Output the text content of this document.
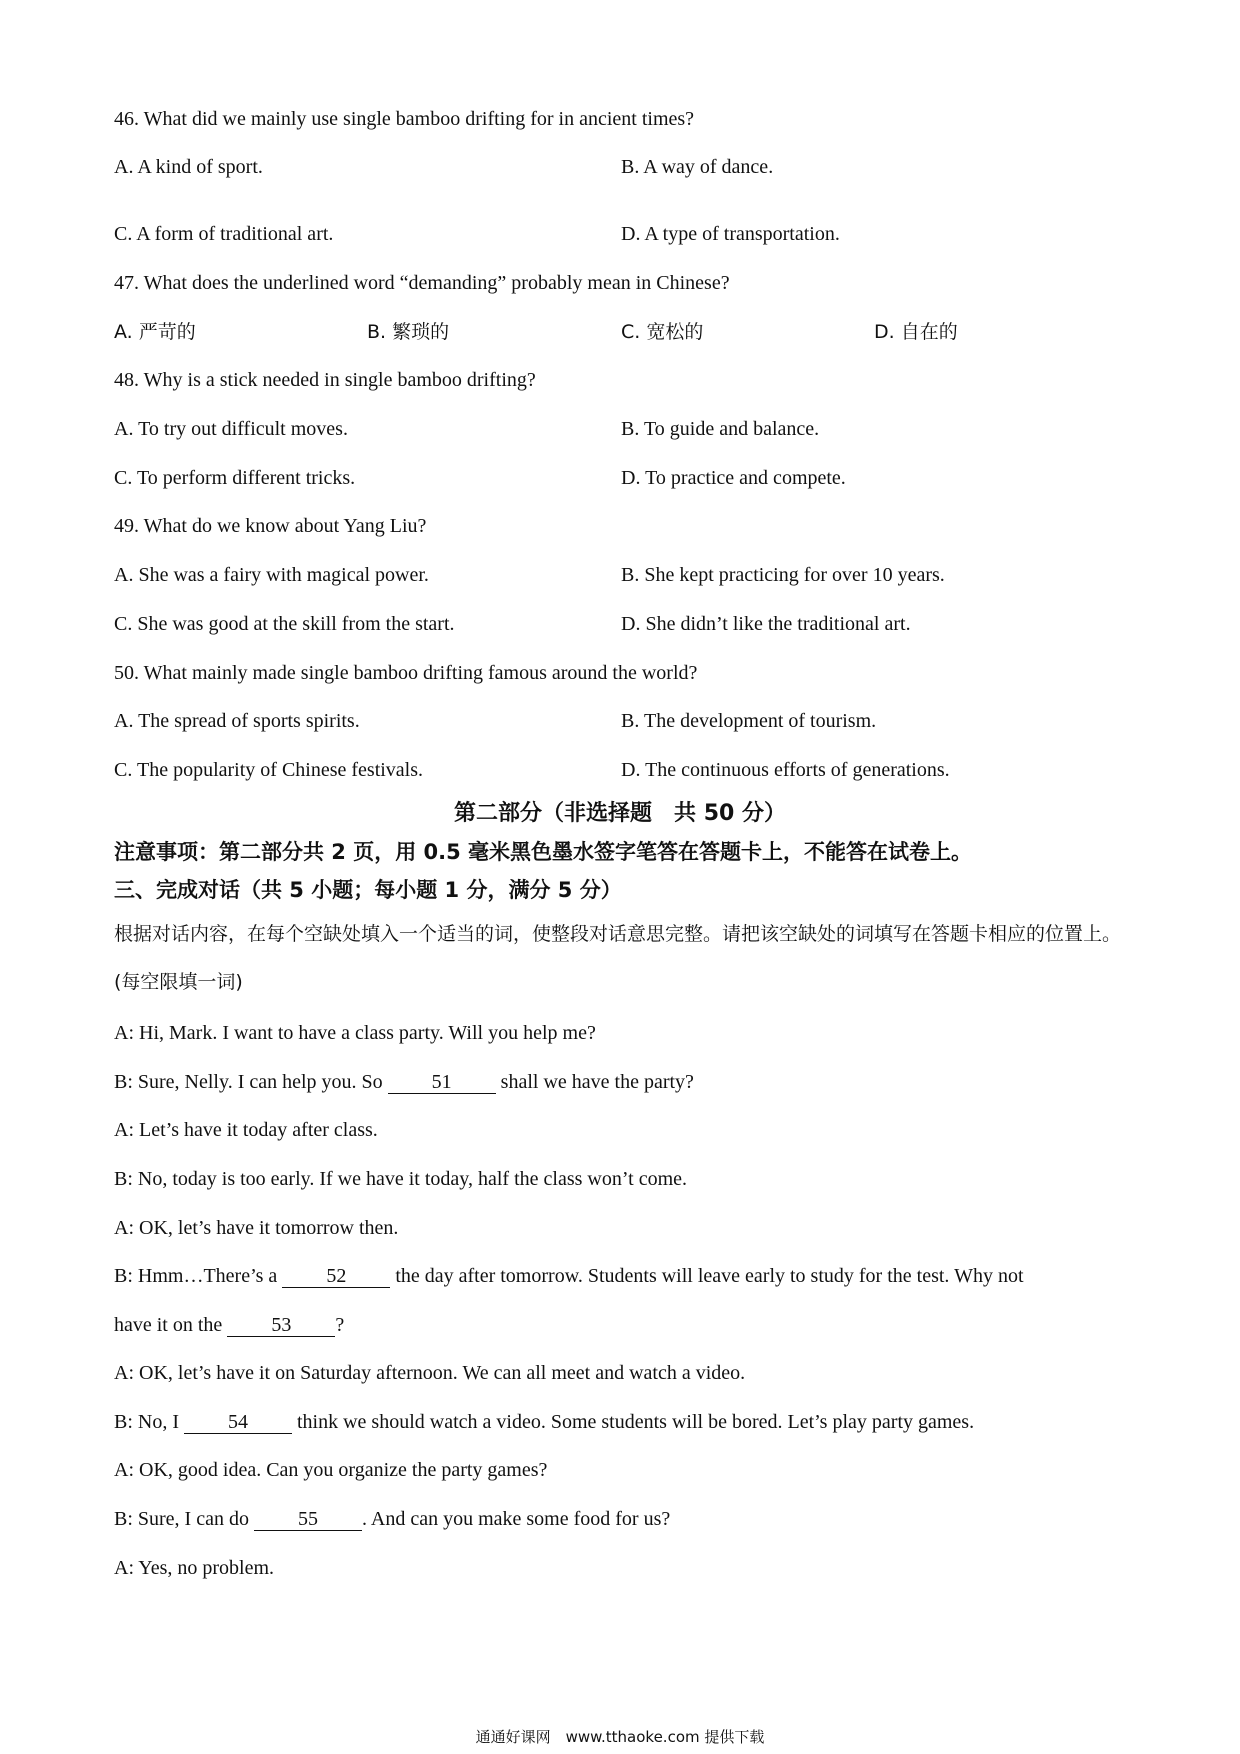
46. What did we mainly use single bamboo drifting for in ancient times?
A. A kind of sport.	B. A way of dance.
C. A form of traditional art.	D. A type of transportation.
47. What does the underlined word “demanding” probably mean in Chinese?
A. 严苛的	B. 繁琐的	C. 宽松的	D. 自在的
48. Why is a stick needed in single bamboo drifting?
A. To try out difficult moves.	B. To guide and balance.
C. To perform different tricks.	D. To practice and compete.
49. What do we know about Yang Liu?
A. She was a fairy with magical power.	B. She kept practicing for over 10 years.
C. She was good at the skill from the start.	D. She didn’t like the traditional art.
50. What mainly made single bamboo drifting famous around the world?
A. The spread of sports spirits.	B. The development of tourism.
C. The popularity of Chinese festivals.	D. The continuous efforts of generations.
第二部分（非选择题　共 50 分）
注意事项：第二部分共 2 页，用 0.5 毫米黑色墨水签字笔答在答题卡上，不能答在试卷上。
三、完成对话（共 5 小题；每小题 1 分，满分 5 分）
根据对话内容，在每个空缺处填入一个适当的词，使整段对话意思完整。请把该空缺处的词填写在答题卡相应的位置上。(每空限填一词)
A: Hi, Mark. I want to have a class party. Will you help me?
B: Sure, Nelly. I can help you. So 51 shall we have the party?
A: Let’s have it today after class.
B: No, today is too early. If we have it today, half the class won’t come.
A: OK, let’s have it tomorrow then.
B: Hmm…There’s a 52 the day after tomorrow. Students will leave early to study for the test. Why not
have it on the 53 ?
A: OK, let’s have it on Saturday afternoon. We can all meet and watch a video.
B: No, I 54 think we should watch a video. Some students will be bored. Let’s play party games.
A: OK, good idea. Can you organize the party games?
B: Sure, I can do 55 . And can you make some food for us?
A: Yes, no problem.
通通好课网　www.tthaoke.com 提供下载
